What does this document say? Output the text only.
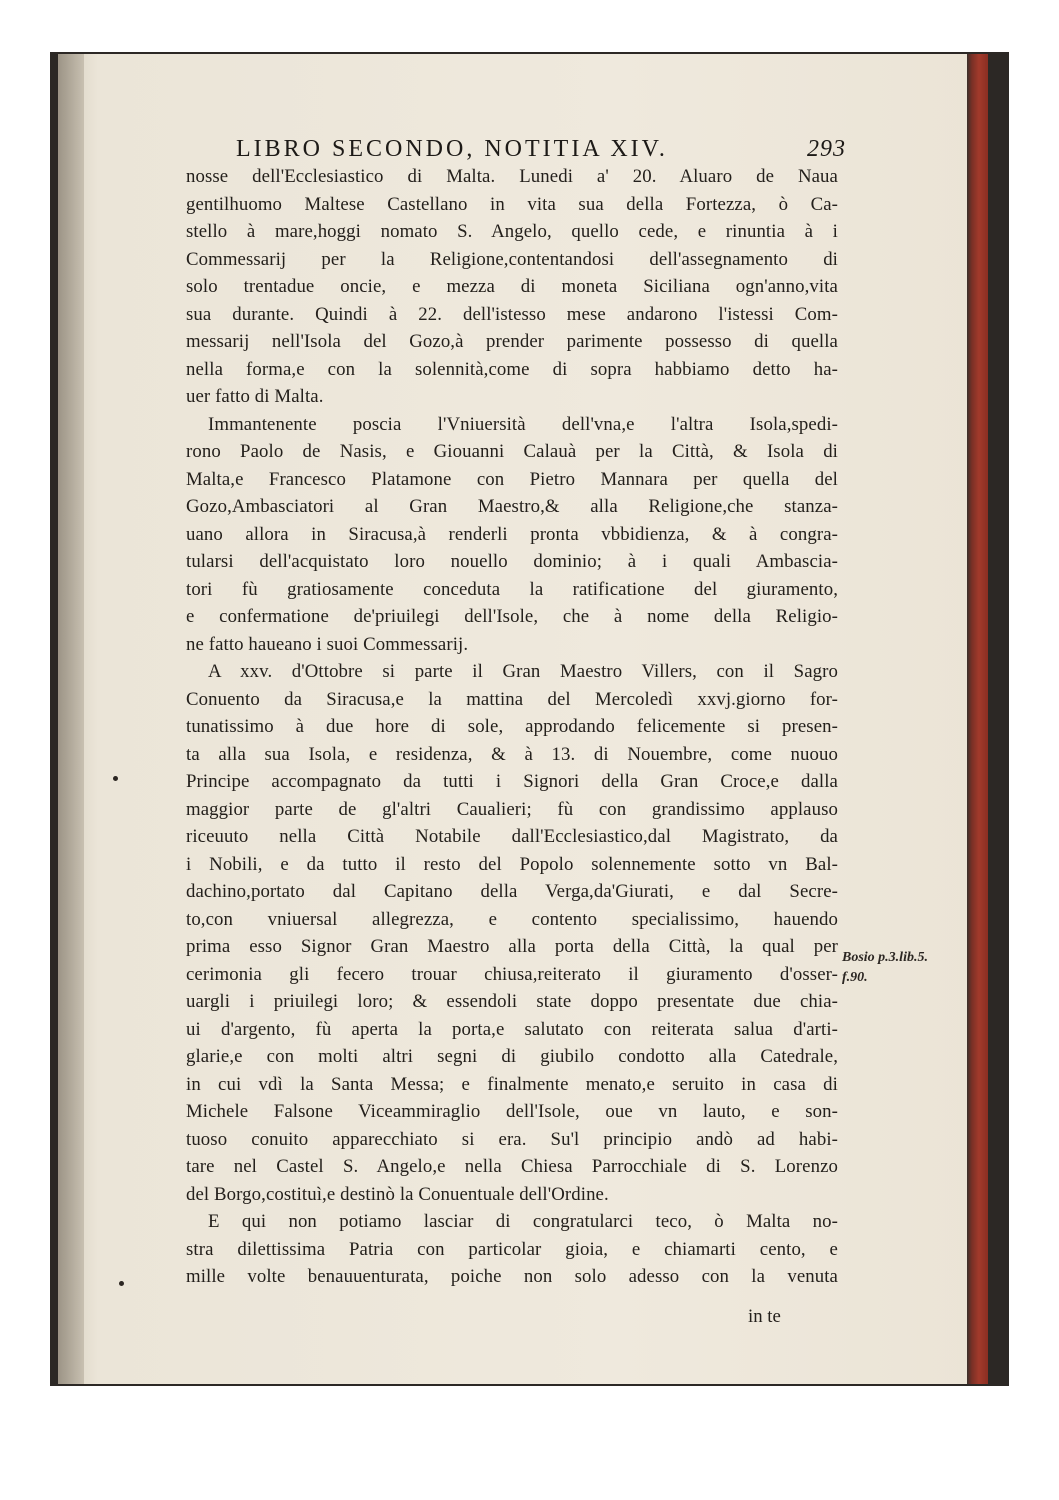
LIBRO SECONDO, NOTITIA XIV.	293
nosse dell'Ecclesiastico di Malta. Lunedi a' 20. Aluaro de Naua
gentilhuomo Maltese Castellano in vita sua della Fortezza, ò Ca-
stello à mare,hoggi nomato S. Angelo, quello cede, e rinuntia à i
Commessarij per la Religione,contentandosi dell'assegnamento di
solo trentadue oncie, e mezza di moneta Siciliana ogn'anno,vita
sua durante. Quindi à 22. dell'istesso mese andarono l'istessi Com-
messarij nell'Isola del Gozo,à prender parimente possesso di quella
nella forma,e con la solennità,come di sopra habbiamo detto ha-
uer fatto di Malta.
Immantenente poscia l'Vniuersità dell'vna,e l'altra Isola,spedi-
rono Paolo de Nasis, e Giouanni Calauà per la Città, & Isola di
Malta,e Francesco Platamone con Pietro Mannara per quella del
Gozo,Ambasciatori al Gran Maestro,& alla Religione,che stanza-
uano allora in Siracusa,à renderli pronta vbbidienza, & à congra-
tularsi dell'acquistato loro nouello dominio; à i quali Ambascia-
tori fù gratiosamente conceduta la ratificatione del giuramento,
e confermatione de'priuilegi dell'Isole, che à nome della Religio-
ne fatto haueano i suoi Commessarij.
A xxv. d'Ottobre si parte il Gran Maestro Villers, con il Sagro
Conuento da Siracusa,e la mattina del Mercoledì xxvj.giorno for-
tunatissimo à due hore di sole, approdando felicemente si presen-
ta alla sua Isola, e residenza, & à 13. di Nouembre, come nuouo
Principe accompagnato da tutti i Signori della Gran Croce,e dalla
maggior parte de gl'altri Caualieri; fù con grandissimo applauso
riceuuto nella Città Notabile dall'Ecclesiastico,dal Magistrato, da
i Nobili, e da tutto il resto del Popolo solennemente sotto vn Bal-
dachino,portato dal Capitano della Verga,da'Giurati, e dal Secre-
to,con vniuersal allegrezza, e contento specialissimo, hauendo
prima esso Signor Gran Maestro alla porta della Città, la qual per
cerimonia gli fecero trouar chiusa,reiterato il giuramento d'osser-
uargli i priuilegi loro; & essendoli state doppo presentate due chia-
ui d'argento, fù aperta la porta,e salutato con reiterata salua d'arti-
glarie,e con molti altri segni di giubilo condotto alla Catedrale,
in cui vdì la Santa Messa; e finalmente menato,e seruito in casa di
Michele Falsone Viceammiraglio dell'Isole, oue vn lauto, e son-
tuoso conuito apparecchiato si era. Su'l principio andò ad habi-
tare nel Castel S. Angelo,e nella Chiesa Parrocchiale di S. Lorenzo
del Borgo,costituì,e destinò la Conuentuale dell'Ordine.
E qui non potiamo lasciar di congratularci teco, ò Malta no-
stra dilettissima Patria con particolar gioia, e chiamarti cento, e
mille volte benauuenturata, poiche non solo adesso con la venuta
in te
Bosio p.3.lib.5.
f.90.
